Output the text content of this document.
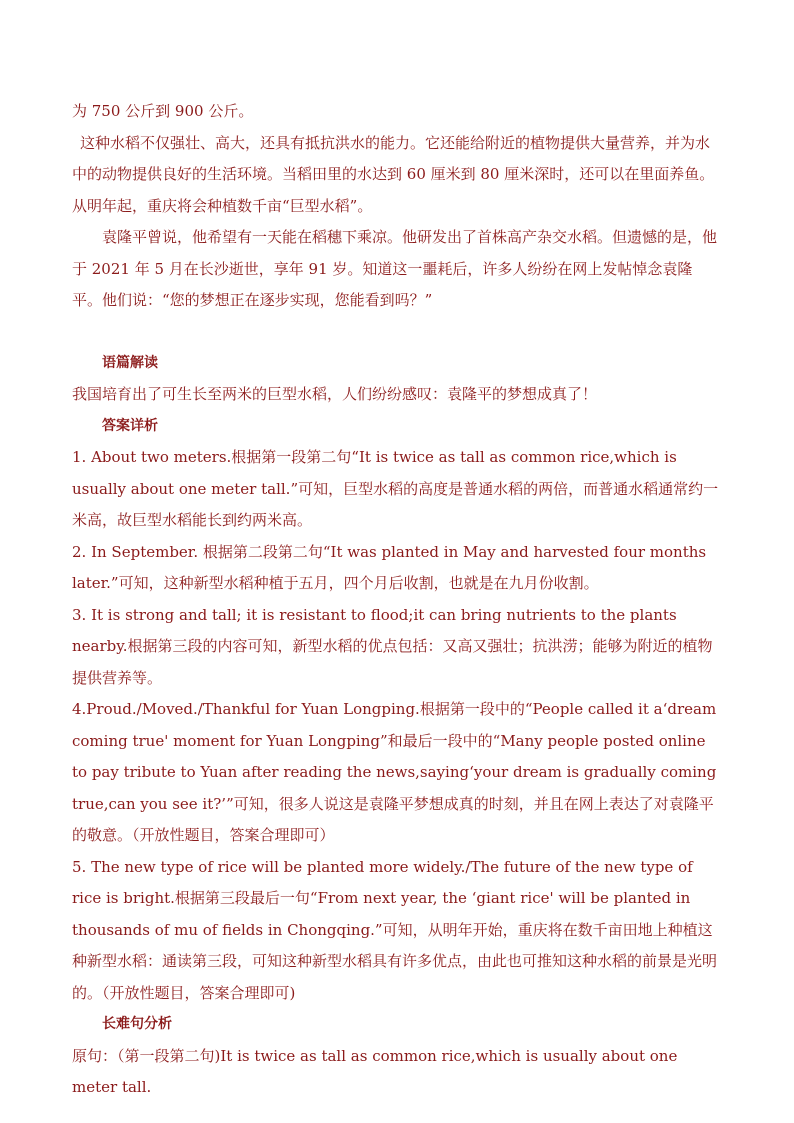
为 750 公斤到 900 公斤。

这种水稻不仅强壮、高大，还具有抵抗洪水的能力。它还能给附近的植物提供大量营养，并为水中的动物提供良好的生活环境。当稻田里的水达到 60 厘米到 80 厘米深时，还可以在里面养鱼。从明年起，重庆将会种植数千亩“巨型水稻”。

袁隆平曾说，他希望有一天能在稻穗下乘凉。他研发出了首株高产杂交水稻。但遗憾的是，他于 2021 年 5 月在长沙逝世，享年 91 岁。知道这一噩耗后，许多人纷纷在网上发帖悼念袁隆平。他们说：“您的梦想正在逐步实现，您能看到吗？”

语篇解读

我国培育出了可生长至两米的巨型水稻，人们纷纷感叹：袁隆平的梦想成真了！

答案详析

1. About two meters.根据第一段第二句“It is twice as tall as common rice,which is usually about one meter tall.”可知，巨型水稻的高度是普通水稻的两倍，而普通水稻通常约一米高，故巨型水稻能长到约两米高。

2. In September. 根据第二段第二句“It was planted in May and harvested four months later.”可知，这种新型水稻种植于五月，四个月后收割，也就是在九月份收割。

3. It is strong and tall; it is resistant to flood;it can bring nutrients to the plants nearby.根据第三段的内容可知，新型水稻的优点包括：又高又强壮；抗洪涝；能够为附近的植物提供营养等。

4.Proud./Moved./Thankful for Yuan Longping.根据第一段中的“People called it a‘dream coming true' moment for Yuan Longping”和最后一段中的“Many people posted online to pay tribute to Yuan after reading the news,saying‘your dream is gradually coming true,can you see it?’”可知，很多人说这是袁隆平梦想成真的时刻，并且在网上表达了对袁隆平的敬意。（开放性题目，答案合理即可）

5. The new type of rice will be planted more widely./The future of the new type of rice is bright.根据第三段最后一句“From next year, the ‘giant rice' will be planted in thousands of mu of fields in Chongqing.”可知，从明年开始，重庆将在数千亩田地上种植这种新型水稻：通读第三段，可知这种新型水稻具有许多优点，由此也可推知这种水稻的前景是光明的。（开放性题目，答案合理即可)

长难句分析

原句：（第一段第二句)It is twice as tall as common rice,which is usually about one meter tall.
